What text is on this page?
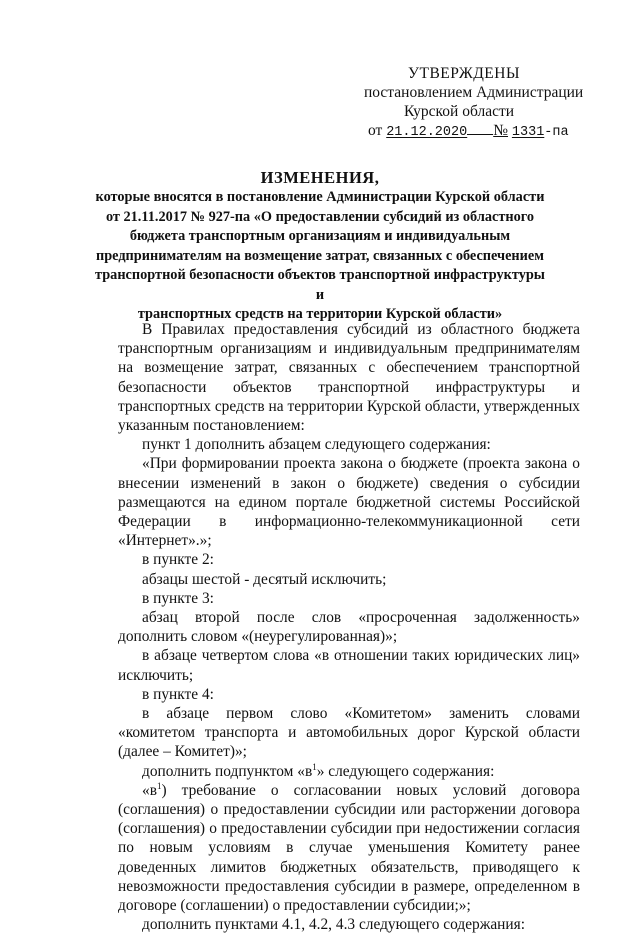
УТВЕРЖДЕНЫ
постановлением Администрации
Курской области
от 21.12.2020 № 1331-па
ИЗМЕНЕНИЯ,
которые вносятся в постановление Администрации Курской области
от 21.11.2017 № 927-па «О предоставлении субсидий из областного
бюджета транспортным организациям и индивидуальным
предпринимателям на возмещение затрат, связанных с обеспечением
транспортной безопасности объектов транспортной инфраструктуры и
транспортных средств на территории Курской области»

В Правилах предоставления субсидий из областного бюджета транспортным организациям и индивидуальным предпринимателям на возмещение затрат, связанных с обеспечением транспортной безопасности объектов транспортной инфраструктуры и транспортных средств на территории Курской области, утвержденных указанным постановлением:

пункт 1 дополнить абзацем следующего содержания:

«При формировании проекта закона о бюджете (проекта закона о внесении изменений в закон о бюджете) сведения о субсидии размещаются на едином портале бюджетной системы Российской Федерации в информационно-телекоммуникационной сети «Интернет».»;

в пункте 2:

абзацы шестой - десятый исключить;

в пункте 3:

абзац второй после слов «просроченная задолженность» дополнить словом «(неурегулированная)»;

в абзаце четвертом слова «в отношении таких юридических лиц» исключить;

в пункте 4:

в абзаце первом слово «Комитетом» заменить словами «комитетом транспорта и автомобильных дорог Курской области (далее – Комитет)»;

дополнить подпунктом «$в^1$» следующего содержания:

«$в^1$) требование о согласовании новых условий договора (соглашения) о предоставлении субсидии или расторжении договора (соглашения) о предоставлении субсидии при недостижении согласия по новым условиям в случае уменьшения Комитету ранее доведенных лимитов бюджетных обязательств, приводящего к невозможности предоставления субсидии в размере, определенном в договоре (соглашении) о предоставлении субсидии;»;

дополнить пунктами 4.1, 4.2, 4.3 следующего содержания:
